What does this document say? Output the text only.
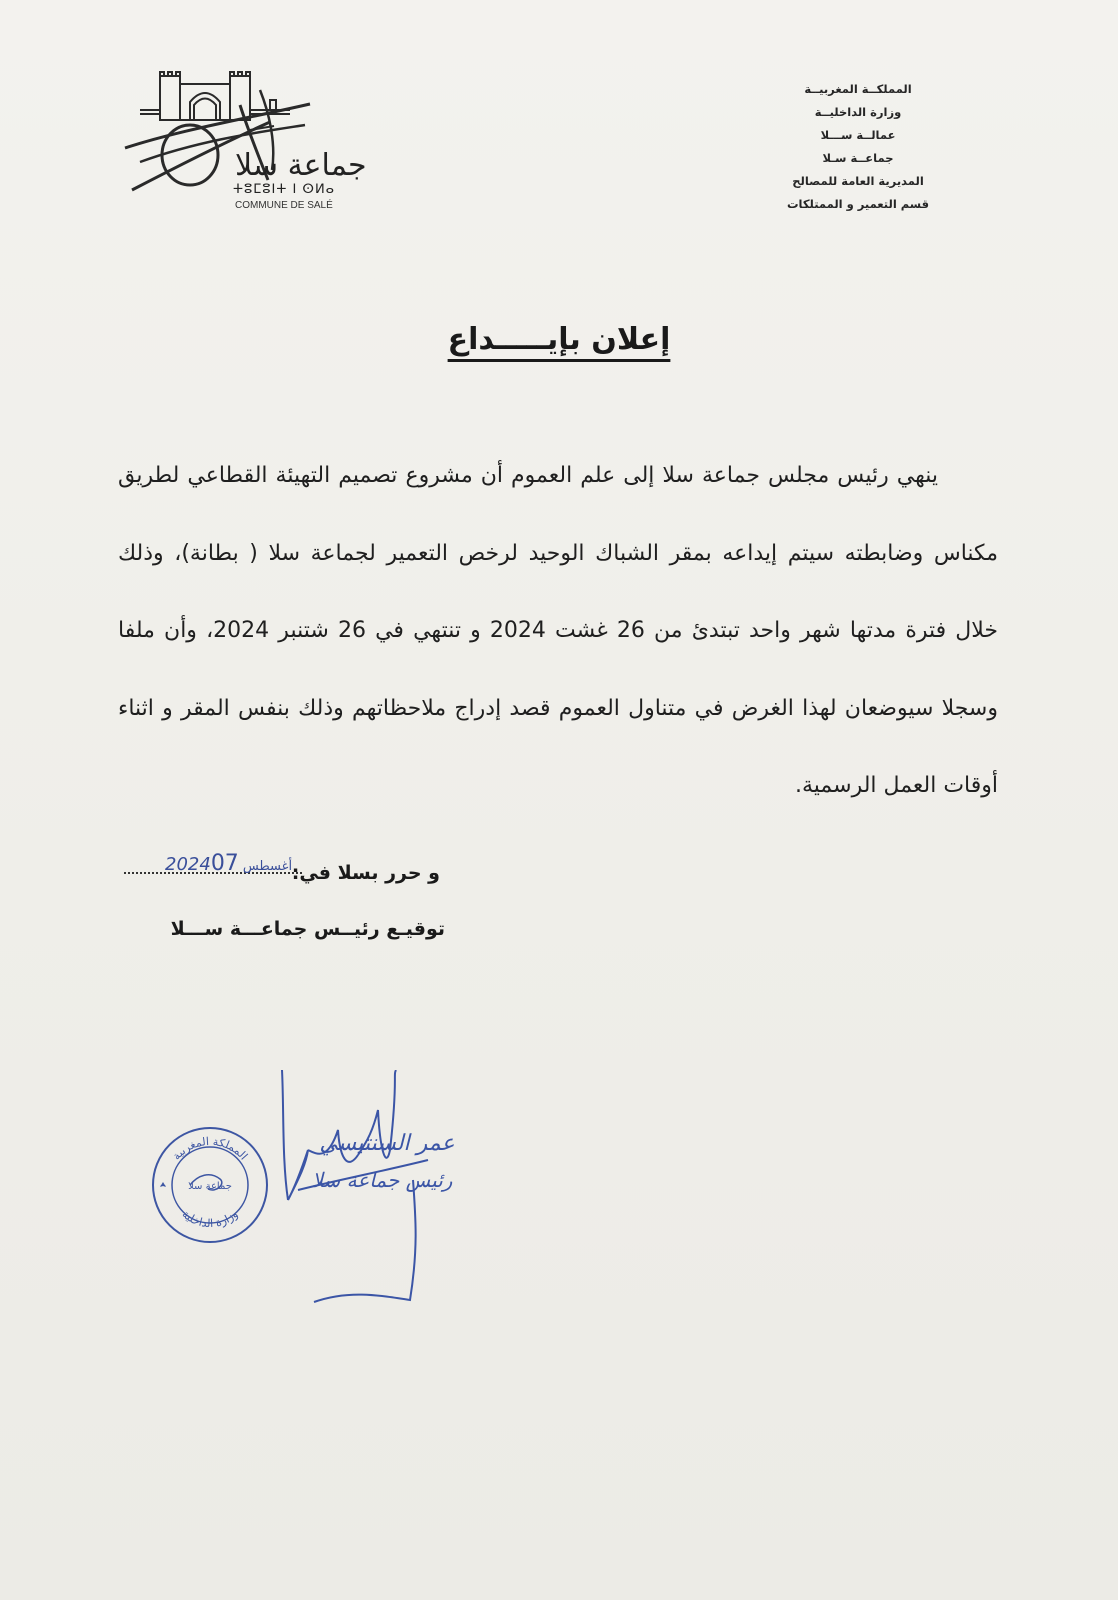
جماعة سلا
ⵜⵓⵎⵓⵏⵜ ⵏ ⵙⵍⴰ
COMMUNE DE SALÉ
المملكــة المغربيــة
وزارة الداخليــة
عمالــة ســـلا
جماعــة سـلا
المديرية العامة للمصالح
قسم التعمير و الممتلكات
إعلان بإيـــــداع
ينهي رئيس مجلس جماعة سلا إلى علم العموم أن مشروع تصميم التهيئة القطاعي لطريق مكناس وضابطته سيتم إيداعه بمقر الشباك الوحيد لرخص التعمير لجماعة سلا ( بطانة)، وذلك خلال فترة مدتها شهر واحد تبتدئ من 26 غشت 2024 و تنتهي في 26 شتنبر 2024، وأن ملفا وسجلا سيوضعان لهذا الغرض في متناول العموم قصد إدراج ملاحظاتهم وذلك بنفس المقر و اثناء أوقات العمل الرسمية.
و حرر بسلا في:
2024 أغسطس07
توقيـع رئيــس جماعـــة ســـلا
المملكة المغربية
وزارة الداخلية
جماعة سلا
عمر السنتيسي
رئيس جماعة سلا
